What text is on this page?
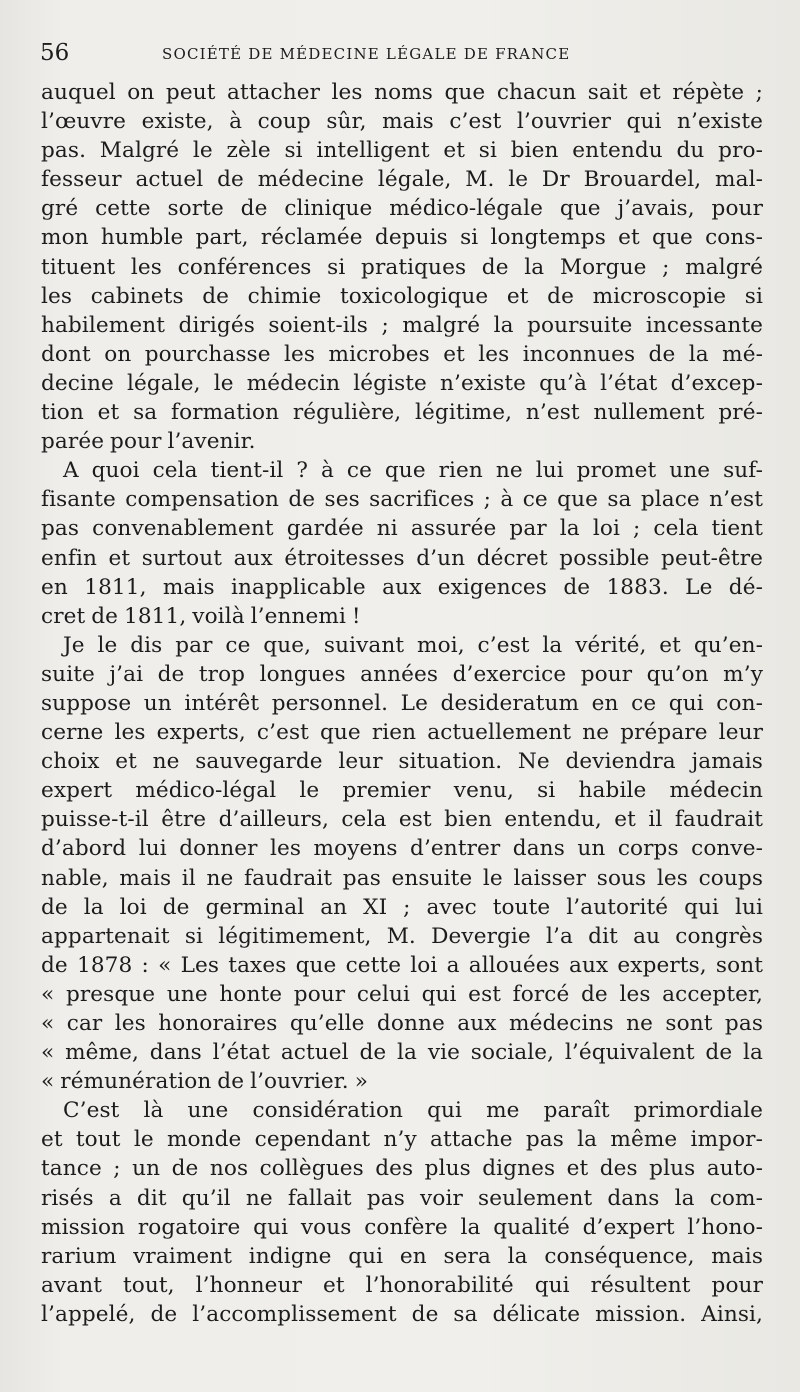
56	SOCIÉTÉ DE MÉDECINE LÉGALE DE FRANCE
auquel on peut attacher les noms que chacun sait et répète ;
l’œuvre existe, à coup sûr, mais c’est l’ouvrier qui n’existe
pas. Malgré le zèle si intelligent et si bien entendu du pro-
fesseur actuel de médecine légale, M. le Dr Brouardel, mal-
gré cette sorte de clinique médico-légale que j’avais, pour
mon humble part, réclamée depuis si longtemps et que cons-
tituent les conférences si pratiques de la Morgue ; malgré
les cabinets de chimie toxicologique et de microscopie si
habilement dirigés soient-ils ; malgré la poursuite incessante
dont on pourchasse les microbes et les inconnues de la mé-
decine légale, le médecin légiste n’existe qu’à l’état d’excep-
tion et sa formation régulière, légitime, n’est nullement pré-
parée pour l’avenir.
A quoi cela tient-il ? à ce que rien ne lui promet une suf-
fisante compensation de ses sacrifices ; à ce que sa place n’est
pas convenablement gardée ni assurée par la loi ; cela tient
enfin et surtout aux étroitesses d’un décret possible peut-être
en 1811, mais inapplicable aux exigences de 1883. Le dé-
cret de 1811, voilà l’ennemi !
Je le dis par ce que, suivant moi, c’est la vérité, et qu’en-
suite j’ai de trop longues années d’exercice pour qu’on m’y
suppose un intérêt personnel. Le desideratum en ce qui con-
cerne les experts, c’est que rien actuellement ne prépare leur
choix et ne sauvegarde leur situation. Ne deviendra jamais
expert médico-légal le premier venu, si habile médecin
puisse-t-il être d’ailleurs, cela est bien entendu, et il faudrait
d’abord lui donner les moyens d’entrer dans un corps conve-
nable, mais il ne faudrait pas ensuite le laisser sous les coups
de la loi de germinal an XI ; avec toute l’autorité qui lui
appartenait si légitimement, M. Devergie l’a dit au congrès
de 1878 : « Les taxes que cette loi a allouées aux experts, sont
« presque une honte pour celui qui est forcé de les accepter,
« car les honoraires qu’elle donne aux médecins ne sont pas
« même, dans l’état actuel de la vie sociale, l’équivalent de la
« rémunération de l’ouvrier. »
C’est là une considération qui me paraît primordiale
et tout le monde cependant n’y attache pas la même impor-
tance ; un de nos collègues des plus dignes et des plus auto-
risés a dit qu’il ne fallait pas voir seulement dans la com-
mission rogatoire qui vous confère la qualité d’expert l’hono-
rarium vraiment indigne qui en sera la conséquence, mais
avant tout, l’honneur et l’honorabilité qui résultent pour
l’appelé, de l’accomplissement de sa délicate mission. Ainsi,
